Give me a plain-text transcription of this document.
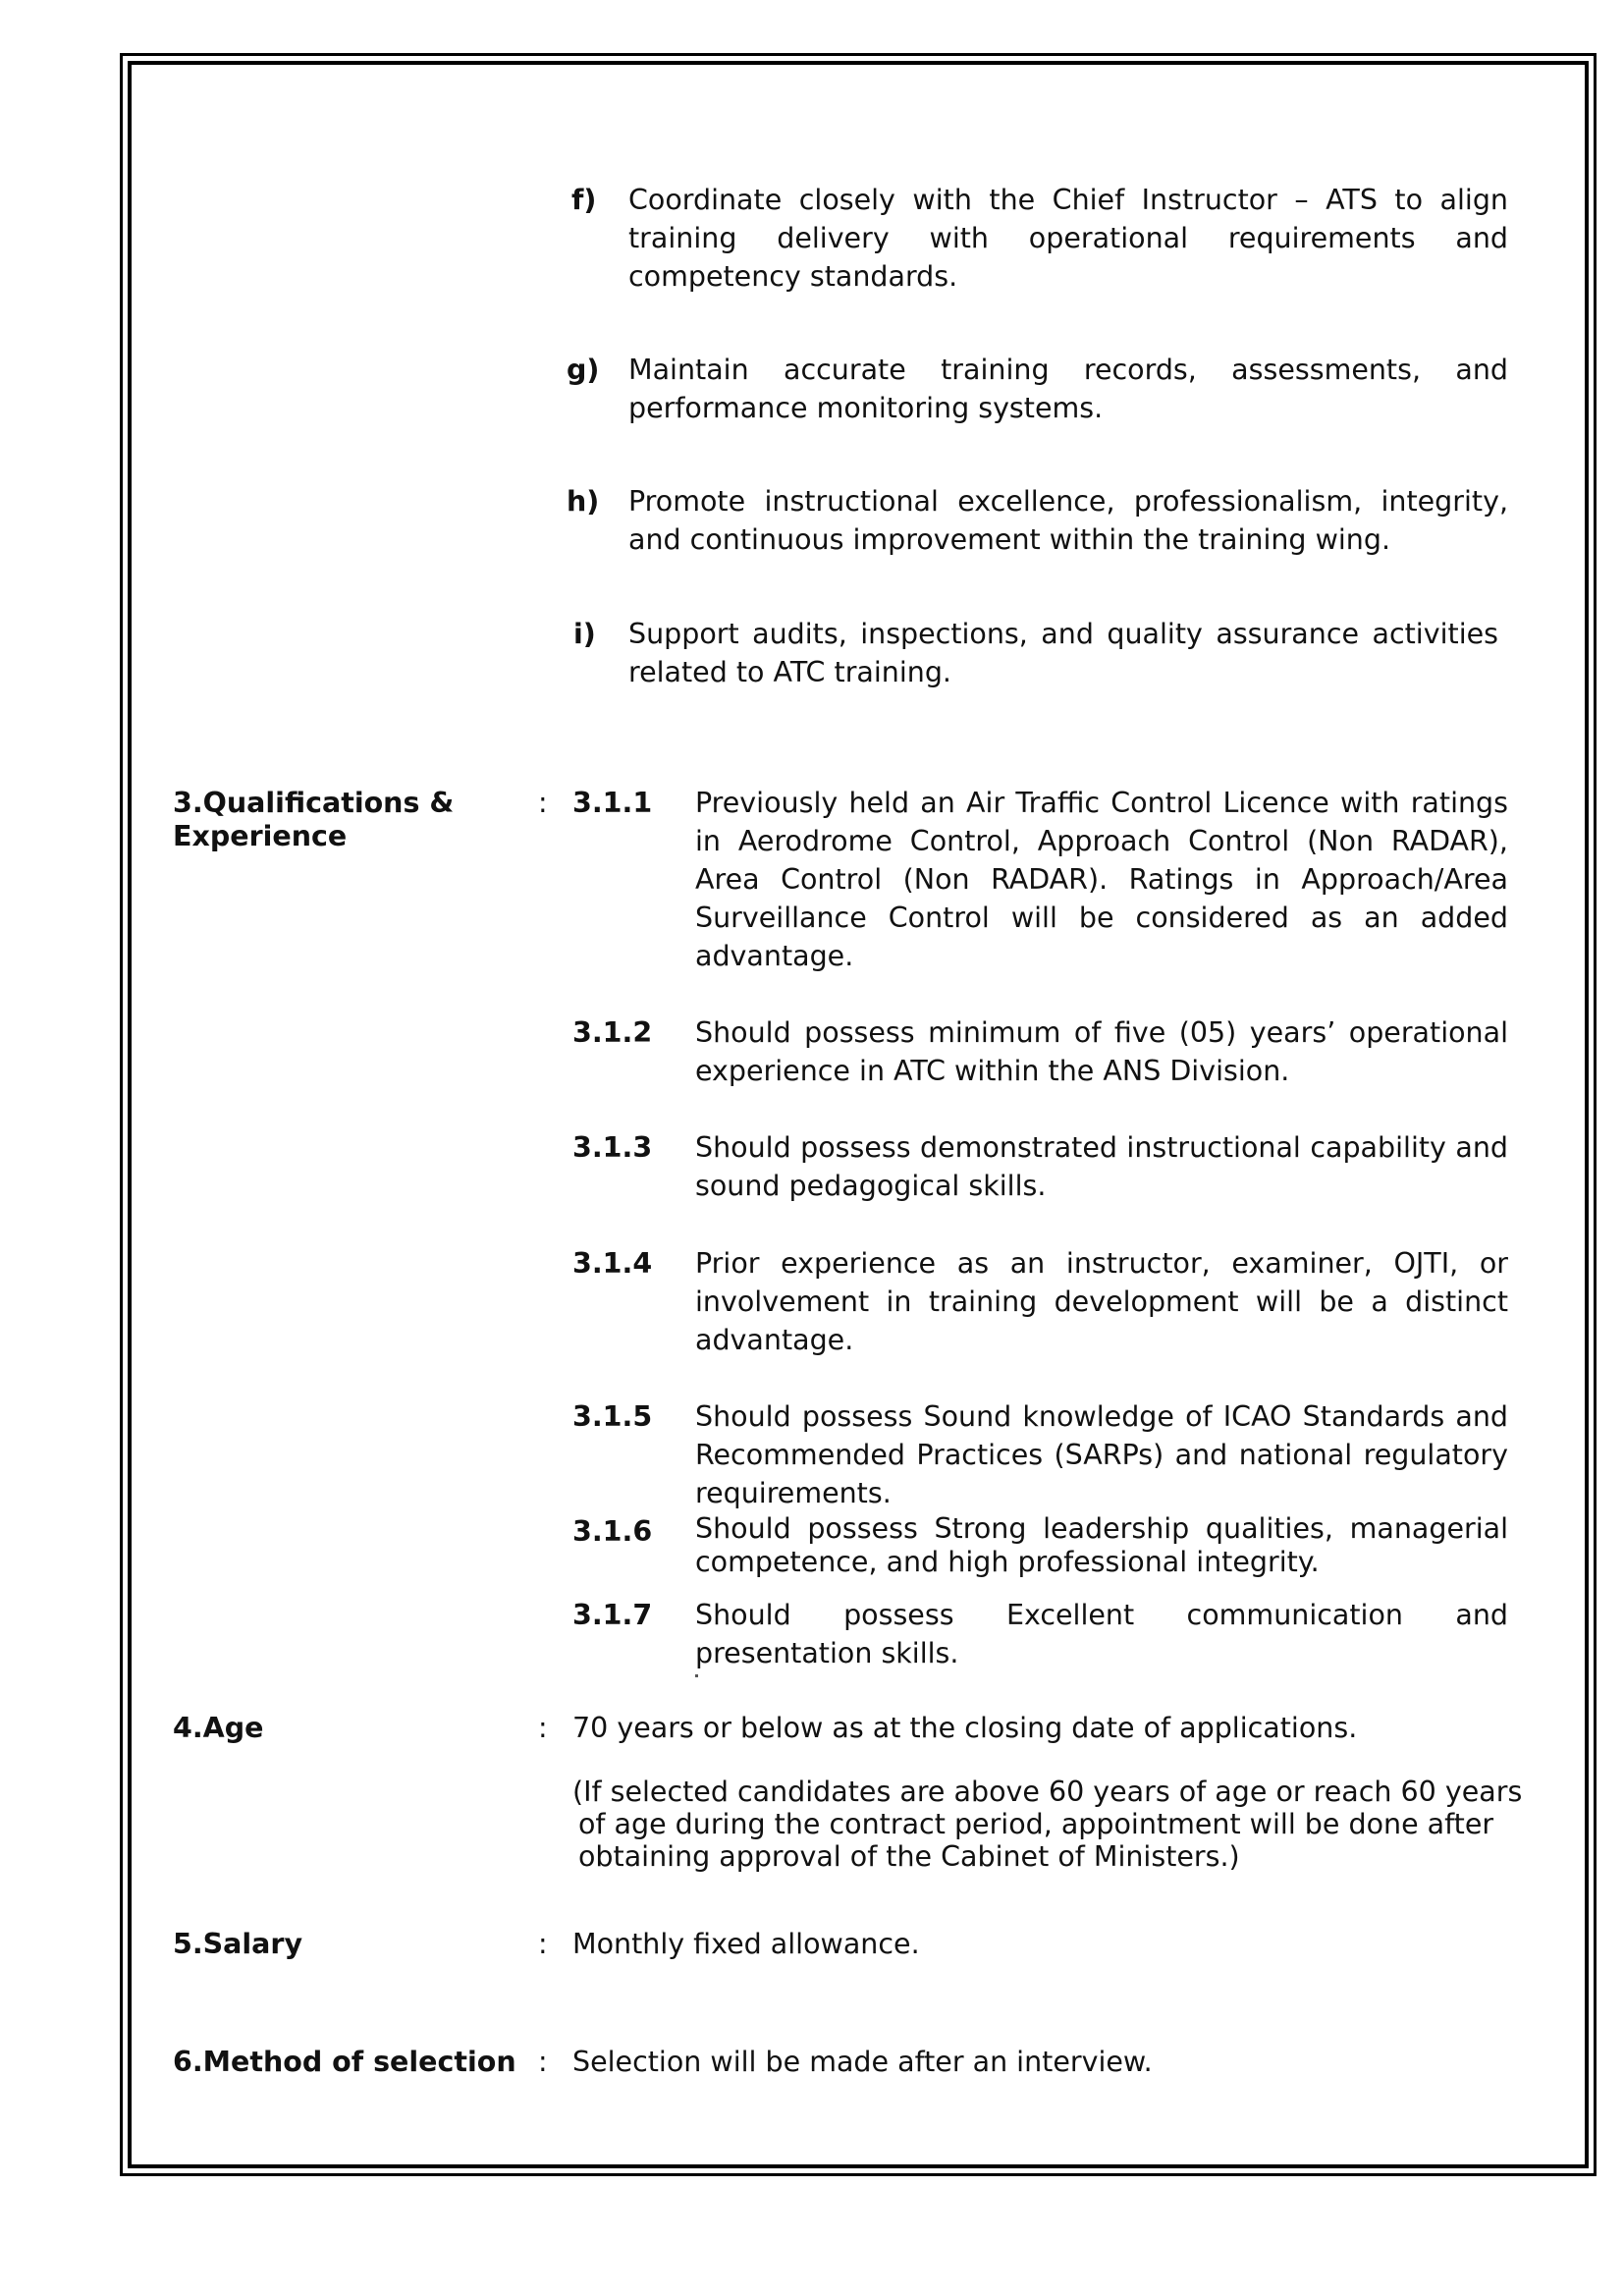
f) Coordinate closely with the Chief Instructor – ATS to align training delivery with operational requirements and competency standards.
g) Maintain accurate training records, assessments, and performance monitoring systems.
h) Promote instructional excellence, professionalism, integrity, and continuous improvement within the training wing.
i) Support audits, inspections, and quality assurance activities related to ATC training.
3.Qualifications &
Experience
: 3.1.1 Previously held an Air Traffic Control Licence with ratings in Aerodrome Control, Approach Control (Non RADAR), Area Control (Non RADAR). Ratings in Approach/Area Surveillance Control will be considered as an added advantage.
3.1.2 Should possess minimum of five (05) years’ operational experience in ATC within the ANS Division.
3.1.3 Should possess demonstrated instructional capability and sound pedagogical skills.
3.1.4 Prior experience as an instructor, examiner, OJTI, or involvement in training development will be a distinct advantage.
3.1.5 Should possess Sound knowledge of ICAO Standards and Recommended Practices (SARPs) and national regulatory requirements.
3.1.6 Should possess Strong leadership qualities, managerial competence, and high professional integrity.
3.1.7 Should possess Excellent communication and presentation skills.
4.Age	: 70 years or below as at the closing date of applications.
(If selected candidates are above 60 years of age or reach 60 years
of age during the contract period, appointment will be done after
obtaining approval of the Cabinet of Ministers.)
5.Salary	: Monthly fixed allowance.
6.Method of selection : Selection will be made after an interview.
